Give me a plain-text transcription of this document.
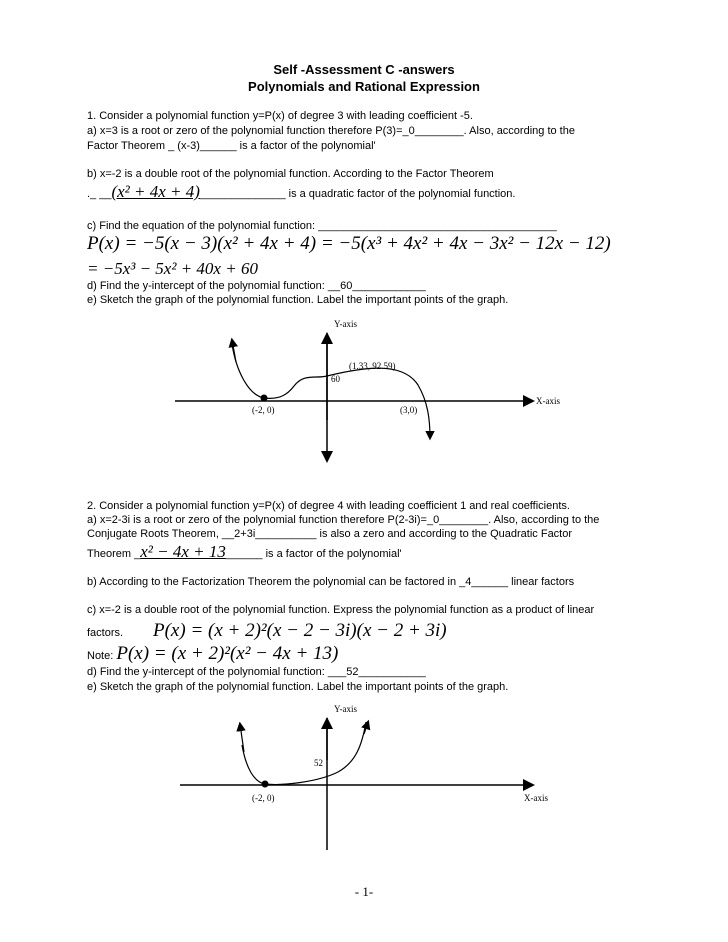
Self -Assessment C -answers
Polynomials and Rational Expression
1. Consider a polynomial function y=P(x) of degree 3 with leading coefficient -5.
a) x=3 is a root or zero of the polynomial function therefore P(3)=_0________. Also, according to the
Factor Theorem _ (x-3)______ is a factor of the polynomial'
b) x=-2 is a double root of the polynomial function. According to the Factor Theorem
._ __(x² + 4x + 4)______________ is a quadratic factor of the polynomial function.
c) Find the equation of the polynomial function: _______________________________________
P(x) = −5(x − 3)(x² + 4x + 4) = −5(x³ + 4x² + 4x − 3x² − 12x − 12)
= −5x³ − 5x² + 40x + 60
d) Find the y-intercept of the polynomial function: __60____________
e) Sketch the graph of the polynomial function. Label the important points of the graph.
Y-axis
X-axis
(1.33, 92.59)
60
(-2, 0)	(3,0)
Y-axis
X-axis
52
(-2, 0)
2. Consider a polynomial function y=P(x) of degree 4 with leading coefficient 1 and real coefficients.
a) x=2-3i is a root or zero of the polynomial function therefore P(2-3i)=_0________. Also, according to the
Conjugate Roots Theorem, __2+3i__________ is also a zero and according to the Quadratic Factor
Theorem _x² − 4x + 13______ is a factor of the polynomial'
b) According to the Factorization Theorem the polynomial can be factored in _4______ linear factors
c) x=-2 is a double root of the polynomial function. Express the polynomial function as a product of linear
factors. P(x) = (x + 2)²(x − 2 − 3i)(x − 2 + 3i)
Note: P(x) = (x + 2)²(x² − 4x + 13)
d) Find the y-intercept of the polynomial function: ___52___________
e) Sketch the graph of the polynomial function. Label the important points of the graph.
- 1-
